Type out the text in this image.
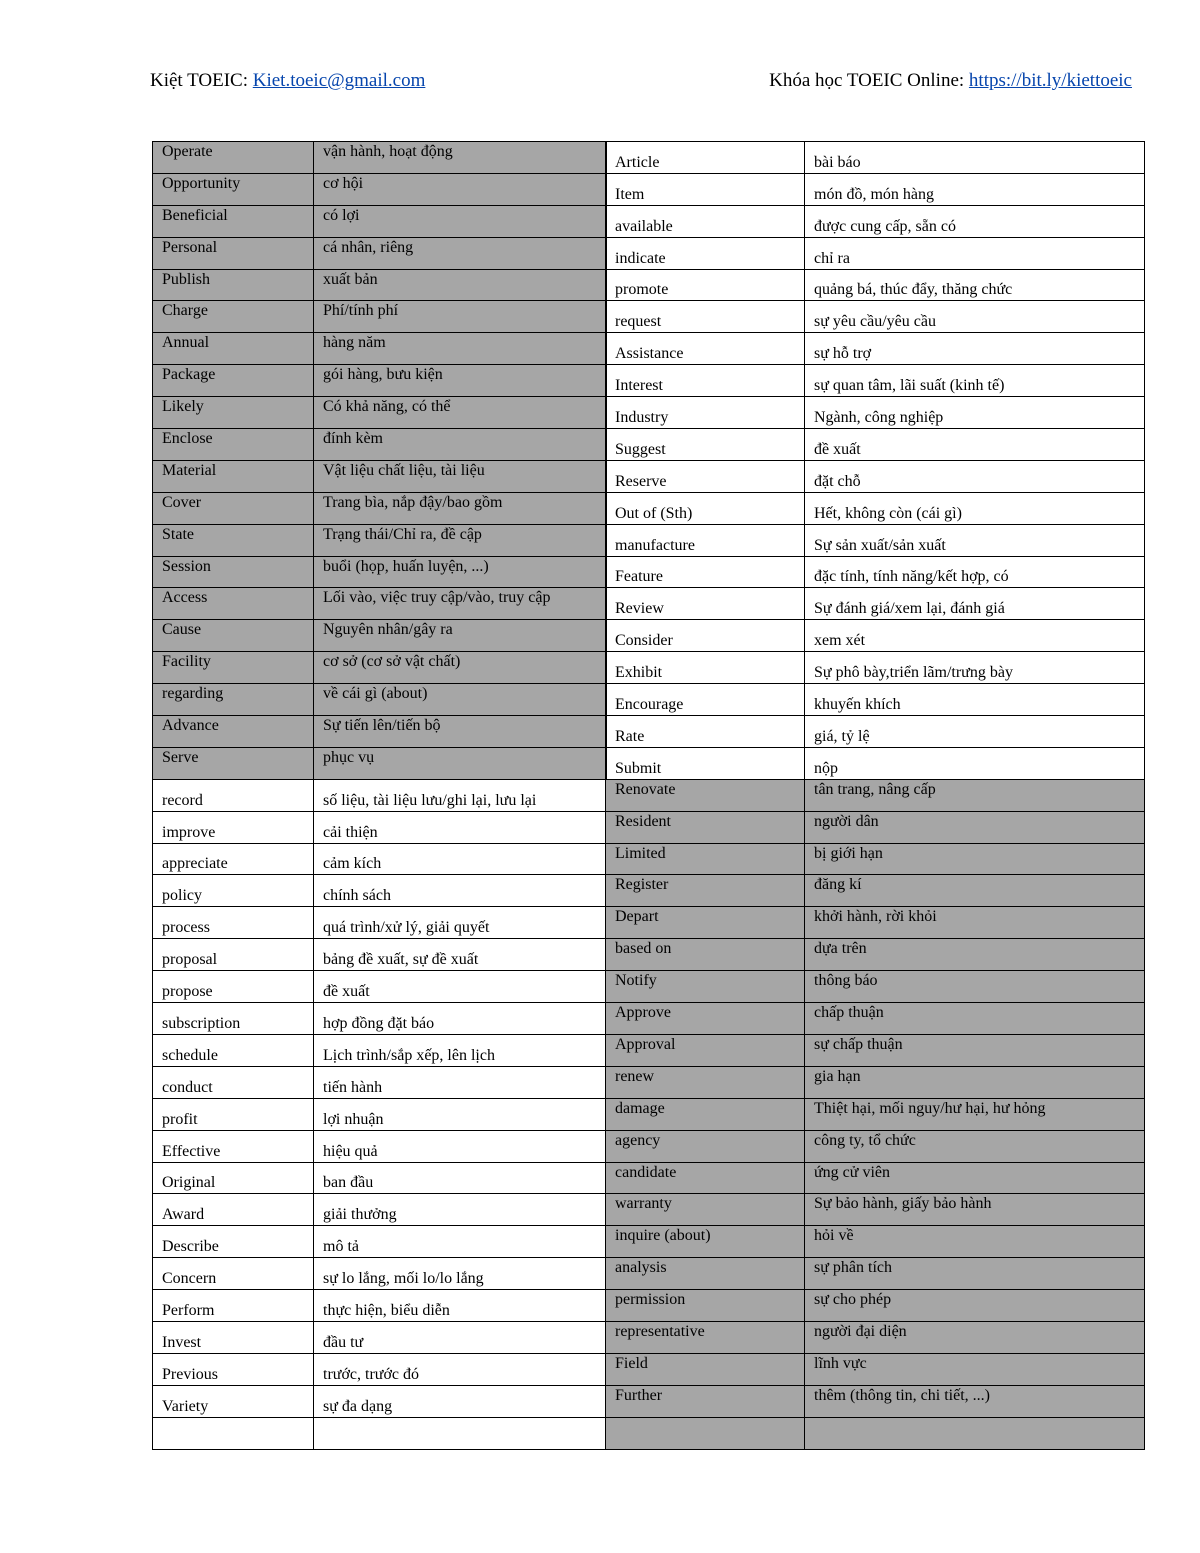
Kiệt TOEIC: Kiet.toeic@gmail.com	Khóa học TOEIC Online: https://bit.ly/kiettoeic
Operate	vận hành, hoạt động
Opportunity	cơ hội
Beneficial	có lợi
Personal	cá nhân, riêng
Publish	xuất bản
Charge	Phí/tính phí
Annual	hàng năm
Package	gói hàng, bưu kiện
Likely	Có khả năng, có thể
Enclose	đính kèm
Material	Vật liệu chất liệu, tài liệu
Cover	Trang bìa, nắp đậy/bao gồm
State	Trạng thái/Chỉ ra, đề cập
Session	buổi (họp, huấn luyện, ...)
Access	Lối vào, việc truy cập/vào, truy cập
Cause	Nguyên nhân/gây ra
Facility	cơ sở (cơ sở vật chất)
regarding	về cái gì (about)
Advance	Sự tiến lên/tiến bộ
Serve	phục vụ
record	số liệu, tài liệu lưu/ghi lại, lưu lại
improve	cải thiện
appreciate	cảm kích
policy	chính sách
process	quá trình/xử lý, giải quyết
proposal	bảng đề xuất, sự đề xuất
propose	đề xuất
subscription	hợp đồng đặt báo
schedule	Lịch trình/sắp xếp, lên lịch
conduct	tiến hành
profit	lợi nhuận
Effective	hiệu quả
Original	ban đầu
Award	giải thưởng
Describe	mô tả
Concern	sự lo lắng, mối lo/lo lắng
Perform	thực hiện, biểu diễn
Invest	đầu tư
Previous	trước, trước đó
Variety	sự đa dạng

Article	bài báo
Item	món đồ, món hàng
available	được cung cấp, sẵn có
indicate	chỉ ra
promote	quảng bá, thúc đẩy, thăng chức
request	sự yêu cầu/yêu cầu
Assistance	sự hỗ trợ
Interest	sự quan tâm, lãi suất (kinh tế)
Industry	Ngành, công nghiệp
Suggest	đề xuất
Reserve	đặt chỗ
Out of (Sth)	Hết, không còn (cái gì)
manufacture	Sự sản xuất/sản xuất
Feature	đặc tính, tính năng/kết hợp, có
Review	Sự đánh giá/xem lại, đánh giá
Consider	xem xét
Exhibit	Sự phô bày,triển lãm/trưng bày
Encourage	khuyến khích
Rate	giá, tỷ lệ
Submit	nộp
Renovate	tân trang, nâng cấp
Resident	người dân
Limited	bị giới hạn
Register	đăng kí
Depart	khởi hành, rời khỏi
based on	dựa trên
Notify	thông báo
Approve	chấp thuận
Approval	sự chấp thuận
renew	gia hạn
damage	Thiệt hại, mối nguy/hư hại, hư hỏng
agency	công ty, tổ chức
candidate	ứng cử viên
warranty	Sự bảo hành, giấy bảo hành
inquire (about)	hỏi về
analysis	sự phân tích
permission	sự cho phép
representative	người đại diện
Field	lĩnh vực
Further	thêm (thông tin, chi tiết, ...)
